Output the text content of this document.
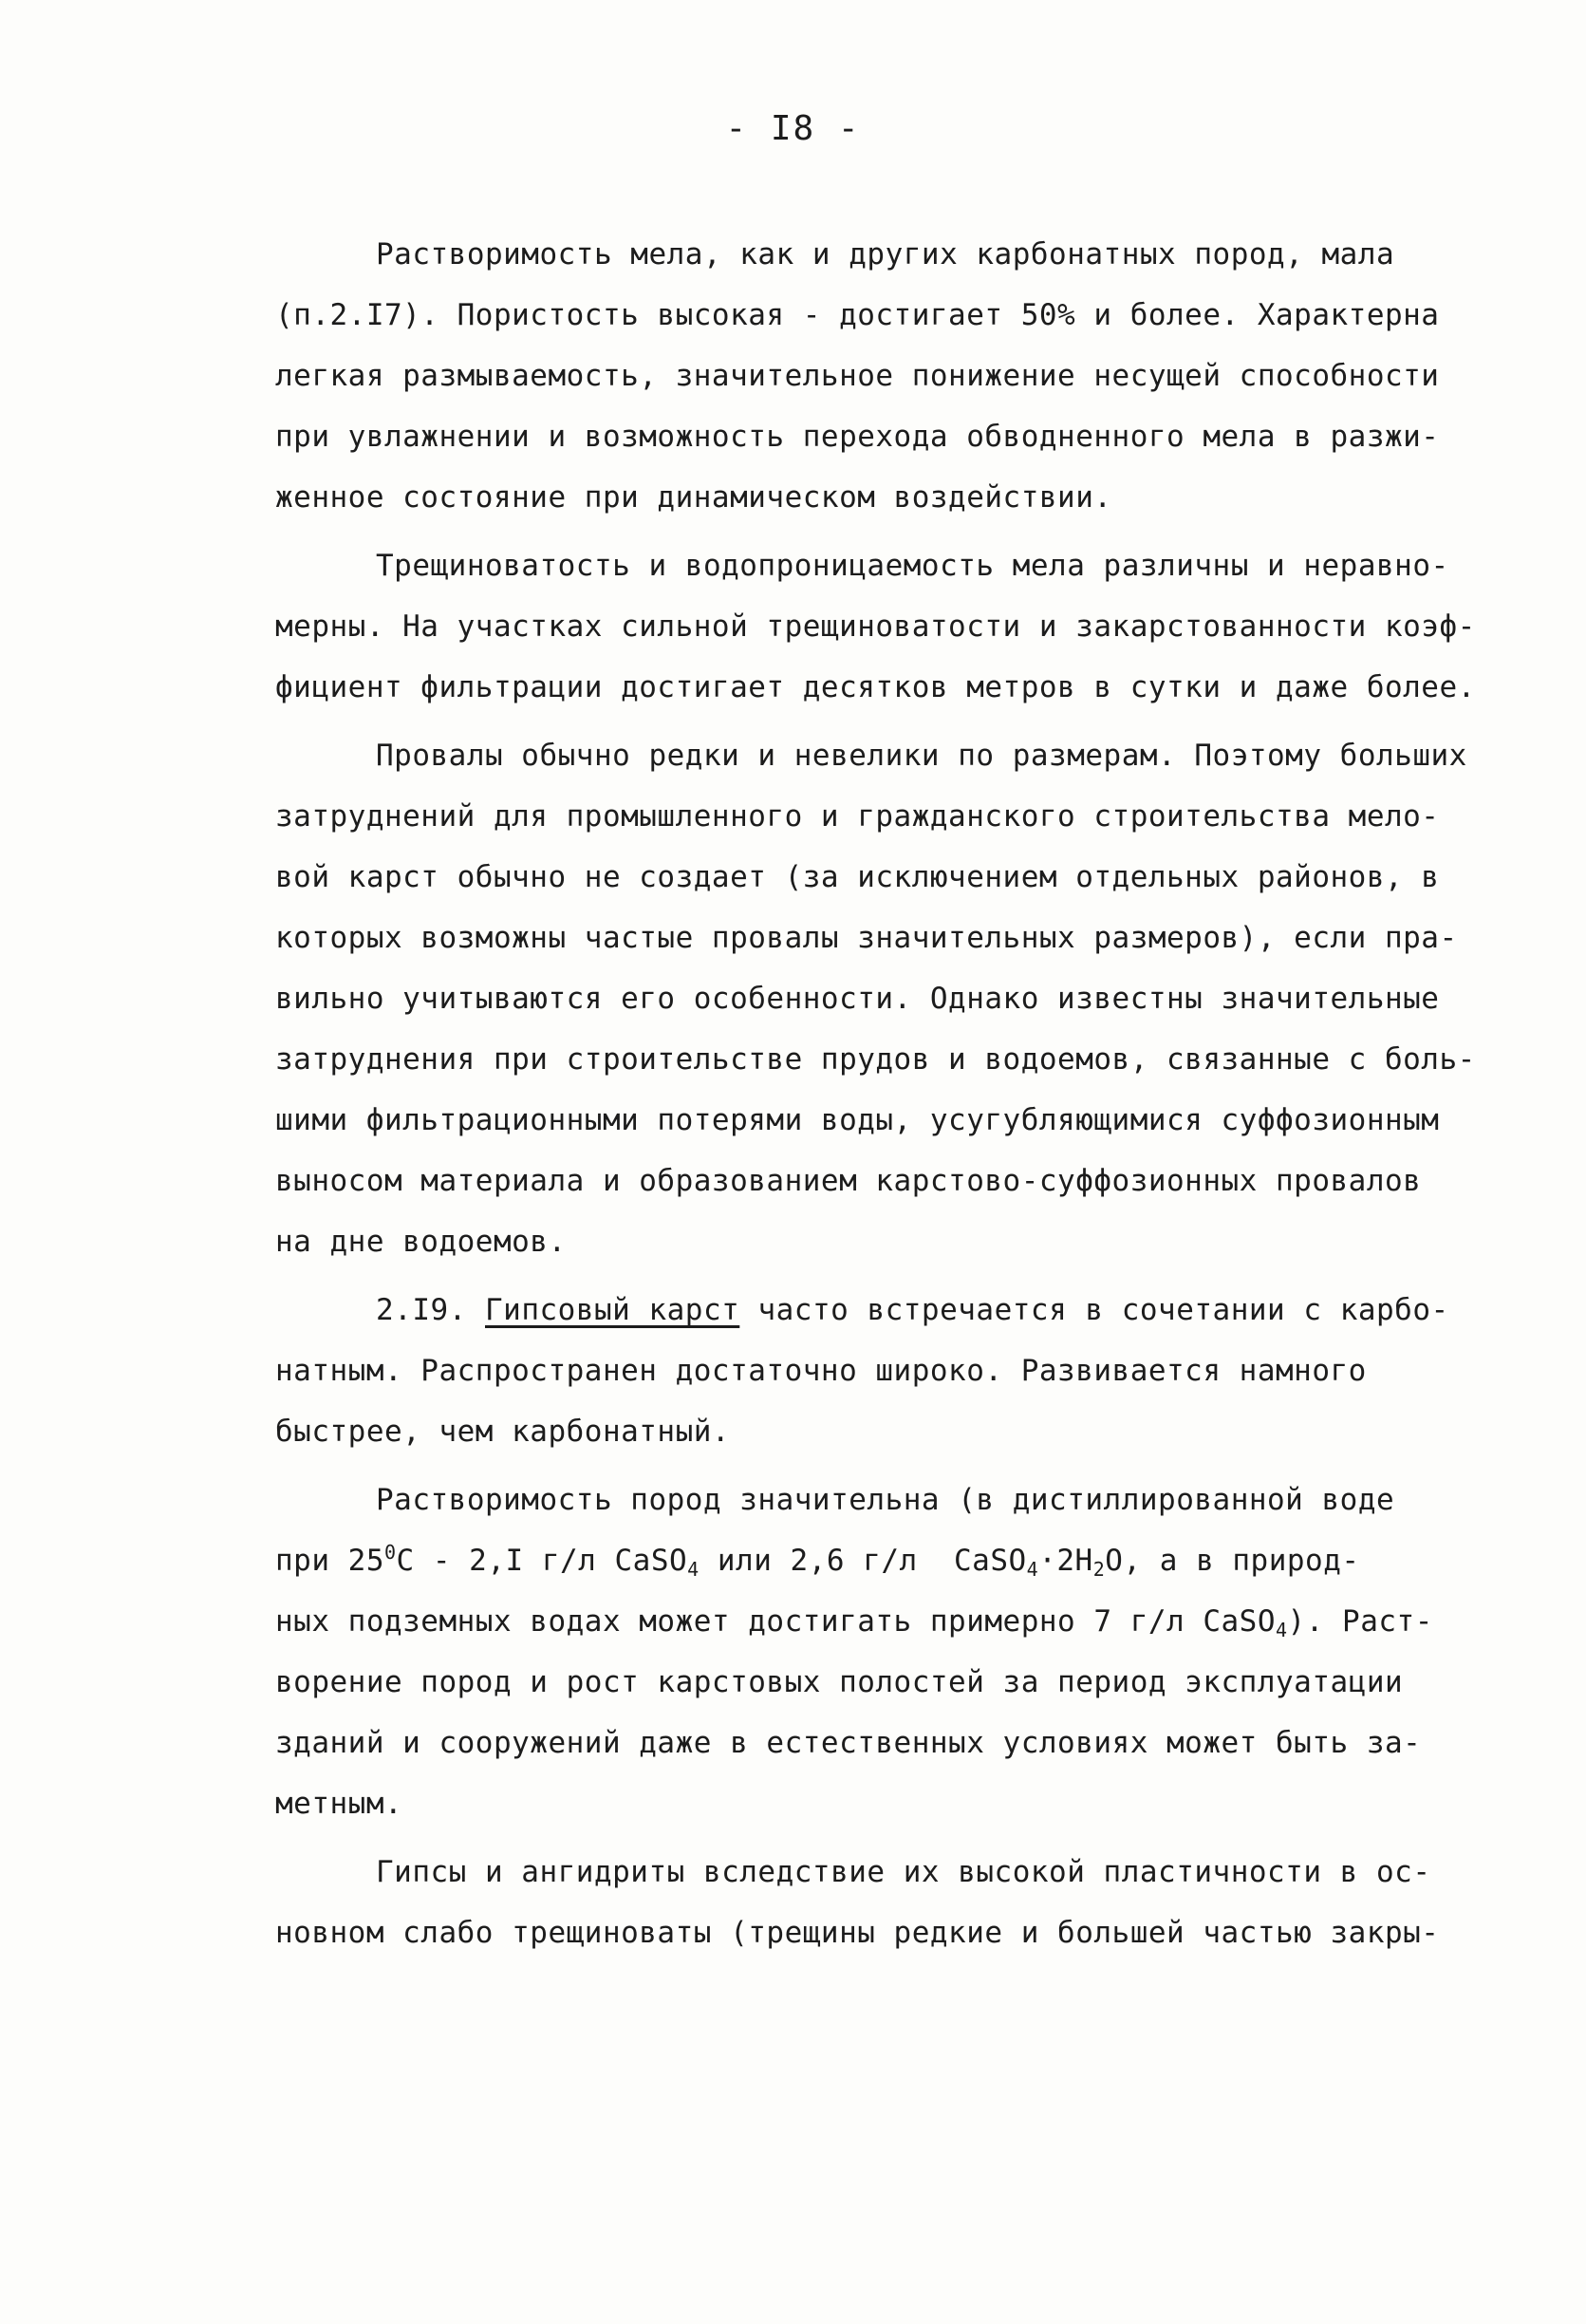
- I8 -
Растворимость мела, как и других карбонатных пород, мала
(п.2.I7). Пористость высокая - достигает 50% и более. Характерна
легкая размываемость, значительное понижение несущей способности
при увлажнении и возможность перехода обводненного мела в разжи-
женное состояние при динамическом воздействии.
Трещиноватость и водопроницаемость мела различны и неравно-
мерны. На участках сильной трещиноватости и закарстованности коэф-
фициент фильтрации достигает десятков метров в сутки и даже более.
Провалы обычно редки и невелики по размерам. Поэтому больших
затруднений для промышленного и гражданского строительства мело-
вой карст обычно не создает (за исключением отдельных районов, в
которых возможны частые провалы значительных размеров), если пра-
вильно учитываются его особенности. Однако известны значительные
затруднения при строительстве прудов и водоемов, связанные с боль-
шими фильтрационными потерями воды, усугубляющимися суффозионным
выносом материала и образованием карстово-суффозионных провалов
на дне водоемов.
2.I9. Гипсовый карст часто встречается в сочетании с карбо-
натным. Распространен достаточно широко. Развивается намного
быстрее, чем карбонатный.
Растворимость пород значительна (в дистиллированной воде
при $25^0С - 2,I$ г/л CaSO$_4$ или 2,6 г/л  $CaSO_4\cdot 2H_2O$, а в природ-
ных подземных водах может достигать примерно 7 г/л CaSO$_4$). Раст-
ворение пород и рост карстовых полостей за период эксплуатации
зданий и сооружений даже в естественных условиях может быть за-
метным.
Гипсы и ангидриты вследствие их высокой пластичности в ос-
новном слабо трещиноваты (трещины редкие и большей частью закры-
